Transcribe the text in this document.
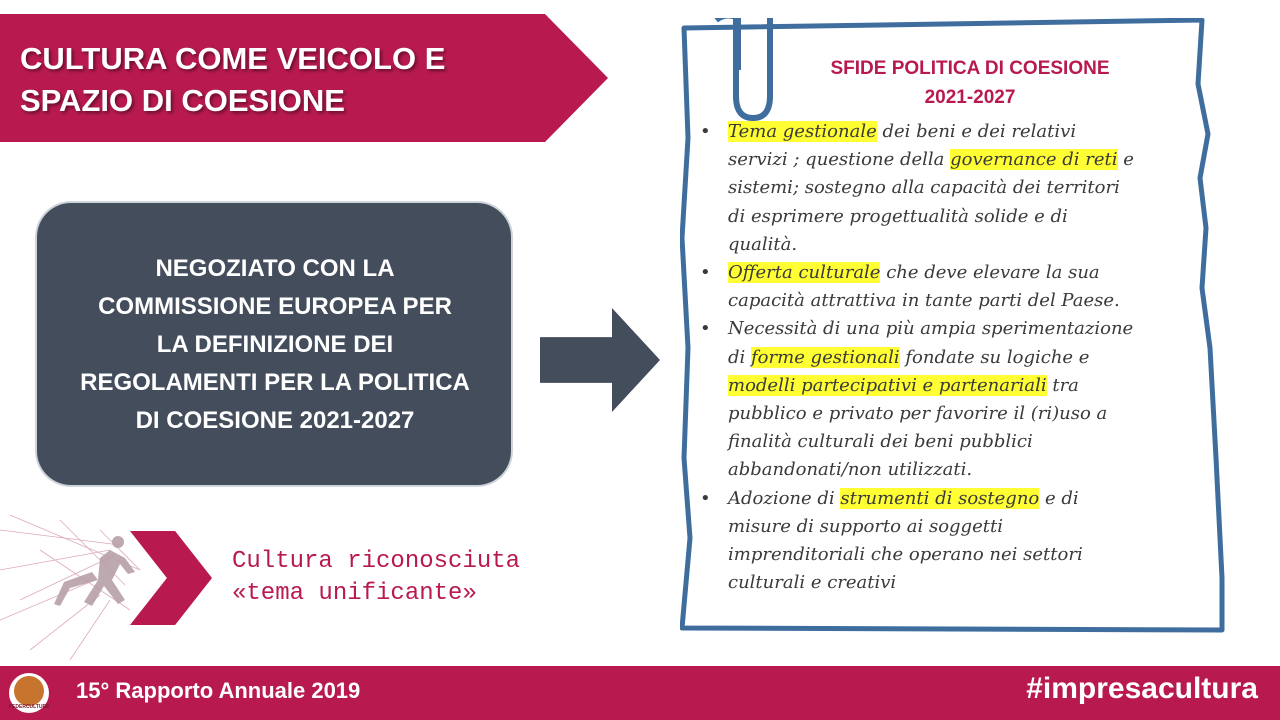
CULTURA COME VEICOLO E
SPAZIO DI COESIONE
NEGOZIATO CON LA
COMMISSIONE EUROPEA PER
LA DEFINIZIONE DEI
REGOLAMENTI PER LA POLITICA
DI COESIONE 2021-2027
Cultura riconosciuta
«tema unificante»
SFIDE POLITICA DI COESIONE
2021-2027
• Tema gestionale dei beni e dei relativi
servizi ; questione della governance di reti e
sistemi; sostegno alla capacità dei territori
di esprimere progettualità solide e di
qualità.
• Offerta culturale che deve elevare la sua
capacità attrattiva in tante parti del Paese.
• Necessità di una più ampia sperimentazione
di forme gestionali fondate su logiche e
modelli partecipativi e partenariali tra
pubblico e privato per favorire il (ri)uso a
finalità culturali dei beni pubblici
abbandonati/non utilizzati.
• Adozione di strumenti di sostegno e di
misure di supporto ai soggetti
imprenditoriali che operano nei settori
culturali e creativi
FEDERCULTURE
15° Rapporto Annuale 2019	#impresacultura
